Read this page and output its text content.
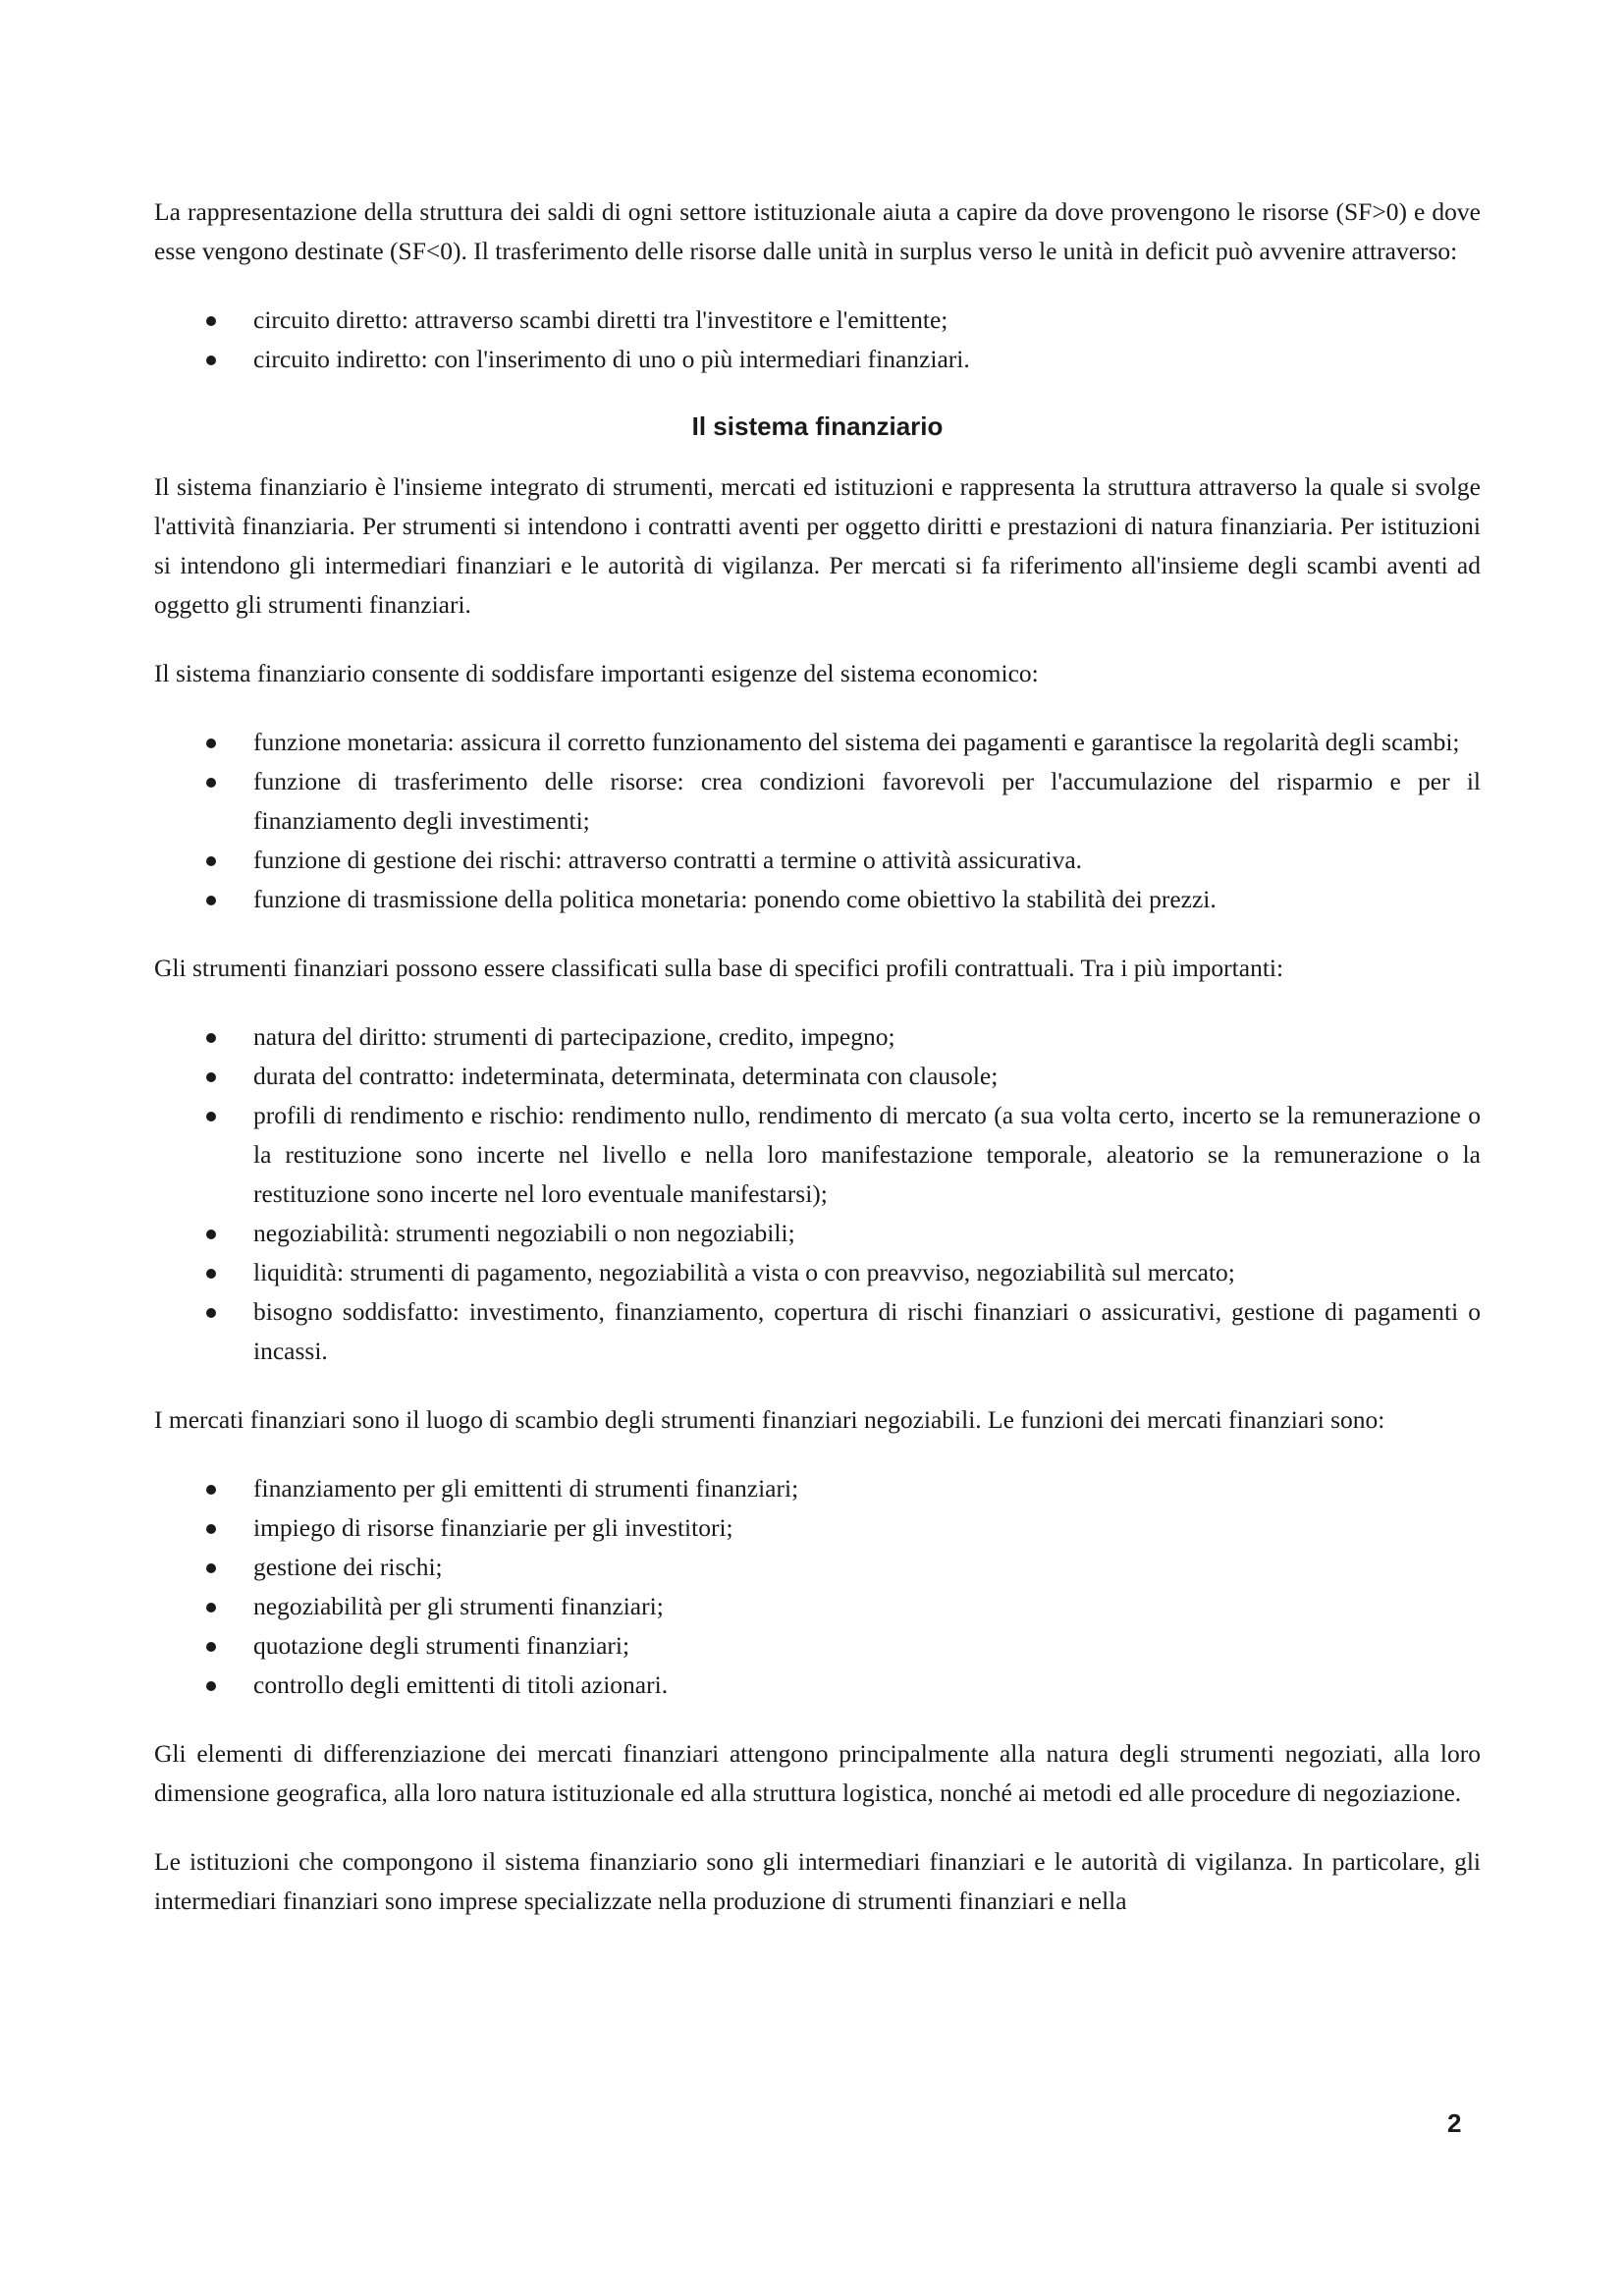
La rappresentazione della struttura dei saldi di ogni settore istituzionale aiuta a capire da dove provengono le risorse (SF>0) e dove esse vengono destinate (SF<0). Il trasferimento delle risorse dalle unità in surplus verso le unità in deficit può avvenire attraverso:

circuito diretto: attraverso scambi diretti tra l'investitore e l'emittente;
circuito indiretto: con l'inserimento di uno o più intermediari finanziari.
Il sistema finanziario

Il sistema finanziario è l'insieme integrato di strumenti, mercati ed istituzioni e rappresenta la struttura attraverso la quale si svolge l'attività finanziaria. Per strumenti si intendono i contratti aventi per oggetto diritti e prestazioni di natura finanziaria. Per istituzioni si intendono gli intermediari finanziari e le autorità di vigilanza. Per mercati si fa riferimento all'insieme degli scambi aventi ad oggetto gli strumenti finanziari.

Il sistema finanziario consente di soddisfare importanti esigenze del sistema economico:

funzione monetaria: assicura il corretto funzionamento del sistema dei pagamenti e garantisce la regolarità degli scambi;
funzione di trasferimento delle risorse: crea condizioni favorevoli per l'accumulazione del risparmio e per il finanziamento degli investimenti;
funzione di gestione dei rischi: attraverso contratti a termine o attività assicurativa.
funzione di trasmissione della politica monetaria: ponendo come obiettivo la stabilità dei prezzi.

Gli strumenti finanziari possono essere classificati sulla base di specifici profili contrattuali. Tra i più importanti:

natura del diritto: strumenti di partecipazione, credito, impegno;
durata del contratto: indeterminata, determinata, determinata con clausole;
profili di rendimento e rischio: rendimento nullo, rendimento di mercato (a sua volta certo, incerto se la remunerazione o la restituzione sono incerte nel livello e nella loro manifestazione temporale, aleatorio se la remunerazione o la restituzione sono incerte nel loro eventuale manifestarsi);
negoziabilità: strumenti negoziabili o non negoziabili;
liquidità: strumenti di pagamento, negoziabilità a vista o con preavviso, negoziabilità sul mercato;
bisogno soddisfatto: investimento, finanziamento, copertura di rischi finanziari o assicurativi, gestione di pagamenti o incassi.

I mercati finanziari sono il luogo di scambio degli strumenti finanziari negoziabili. Le funzioni dei mercati finanziari sono:

finanziamento per gli emittenti di strumenti finanziari;
impiego di risorse finanziarie per gli investitori;
gestione dei rischi;
negoziabilità per gli strumenti finanziari;
quotazione degli strumenti finanziari;
controllo degli emittenti di titoli azionari.

Gli elementi di differenziazione dei mercati finanziari attengono principalmente alla natura degli strumenti negoziati, alla loro dimensione geografica, alla loro natura istituzionale ed alla struttura logistica, nonché ai metodi ed alle procedure di negoziazione.

Le istituzioni che compongono il sistema finanziario sono gli intermediari finanziari e le autorità di vigilanza. In particolare, gli intermediari finanziari sono imprese specializzate nella produzione di strumenti finanziari e nella

2
